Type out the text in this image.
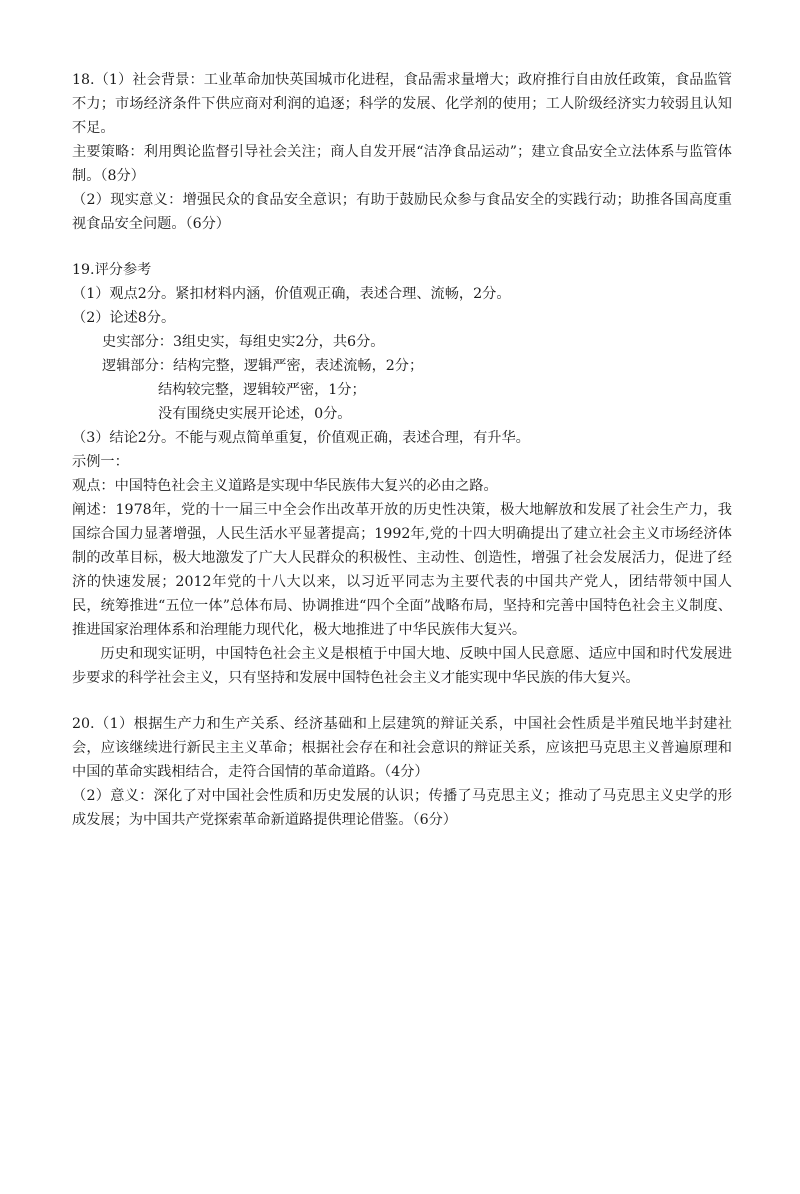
18.（1）社会背景：工业革命加快英国城市化进程，食品需求量增大；政府推行自由放任政策，食品监管不力；市场经济条件下供应商对利润的追逐；科学的发展、化学剂的使用；工人阶级经济实力较弱且认知不足。

主要策略：利用舆论监督引导社会关注；商人自发开展“洁净食品运动”；建立食品安全立法体系与监管体制。（8分）

（2）现实意义：增强民众的食品安全意识；有助于鼓励民众参与食品安全的实践行动；助推各国高度重视食品安全问题。（6分）

19.评分参考

（1）观点2分。紧扣材料内涵，价值观正确，表述合理、流畅，2分。

（2）论述8分。

史实部分：3组史实，每组史实2分，共6分。

逻辑部分：结构完整，逻辑严密，表述流畅，2分；

结构较完整，逻辑较严密，1分；

没有围绕史实展开论述，0分。

（3）结论2分。不能与观点简单重复，价值观正确，表述合理，有升华。

示例一：

观点：中国特色社会主义道路是实现中华民族伟大复兴的必由之路。

阐述：1978年，党的十一届三中全会作出改革开放的历史性决策，极大地解放和发展了社会生产力，我国综合国力显著增强，人民生活水平显著提高；1992年,党的十四大明确提出了建立社会主义市场经济体制的改革目标，极大地激发了广大人民群众的积极性、主动性、创造性，增强了社会发展活力，促进了经济的快速发展；2012年党的十八大以来，以习近平同志为主要代表的中国共产党人，团结带领中国人民，统筹推进“五位一体”总体布局、协调推进“四个全面”战略布局，坚持和完善中国特色社会主义制度、推进国家治理体系和治理能力现代化，极大地推进了中华民族伟大复兴。

历史和现实证明，中国特色社会主义是根植于中国大地、反映中国人民意愿、适应中国和时代发展进步要求的科学社会主义，只有坚持和发展中国特色社会主义才能实现中华民族的伟大复兴。

20.（1）根据生产力和生产关系、经济基础和上层建筑的辩证关系，中国社会性质是半殖民地半封建社会，应该继续进行新民主主义革命；根据社会存在和社会意识的辩证关系，应该把马克思主义普遍原理和中国的革命实践相结合，走符合国情的革命道路。（4分）

（2）意义：深化了对中国社会性质和历史发展的认识；传播了马克思主义；推动了马克思主义史学的形成发展；为中国共产党探索革命新道路提供理论借鉴。（6分）
